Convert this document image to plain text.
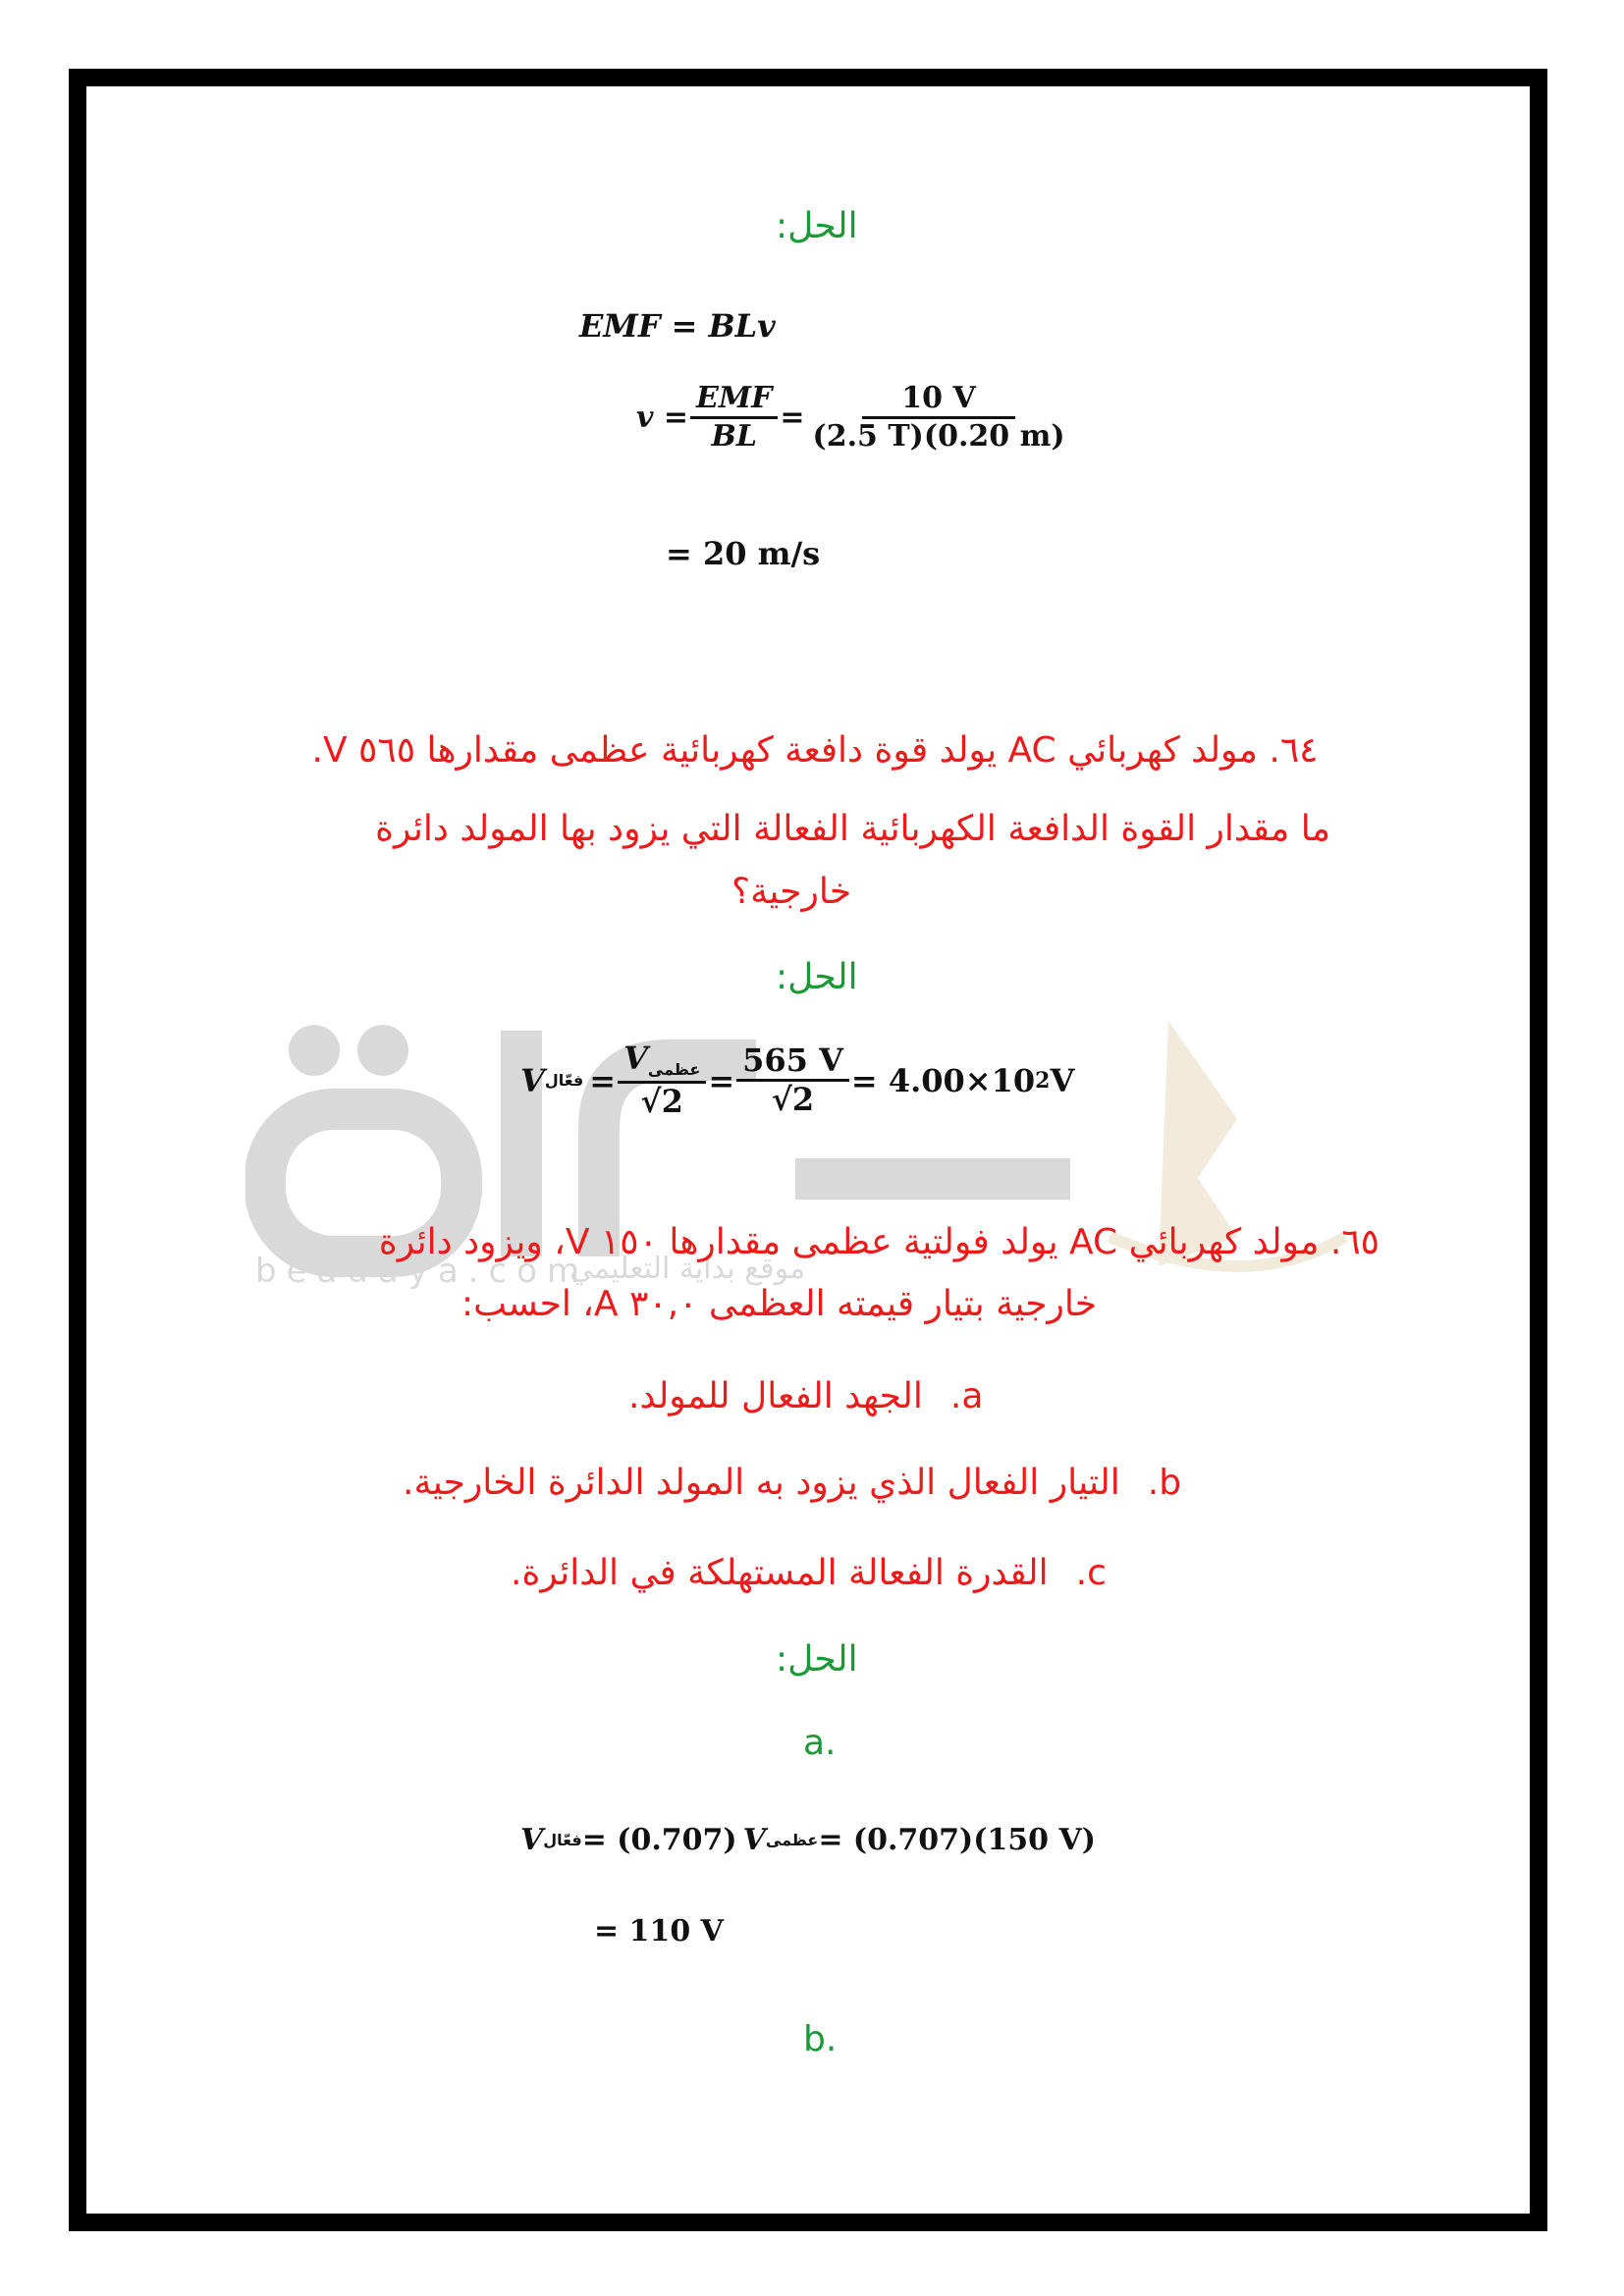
beadaya.com
موقع بداية التعليمي
الحل:
EMF = BLv
$v = \frac{\text{EMF}}{BL} = \frac{10 V}{(2.5 T)(0.20 m)}$
= 20 m/s
٦٤. مولد كهربائي AC يولد قوة دافعة كهربائية عظمى مقدارها ٥٦٥ V.
ما مقدار القوة الدافعة الكهربائية الفعالة التي يزود بها المولد دائرة
خارجية؟
الحل:
V فعّال = $\frac{V_{عظمى}}{√2} = \frac{565 V}{√2} = 4.00\times 10$ 2 V
٦٥. مولد كهربائي AC يولد فولتية عظمى مقدارها ١٥٠ V، ويزود دائرة
خارجية بتيار قيمته العظمى ٣٠,٠ A، احسب:
a.
الجهد الفعال للمولد.
b.
التيار الفعال الذي يزود به المولد الدائرة الخارجية.
c.
القدرة الفعالة المستهلكة في الدائرة.
الحل:
a.
V فعّال = (0.707) V عظمى = (0.707)(150 V)
= 110 V
b.
